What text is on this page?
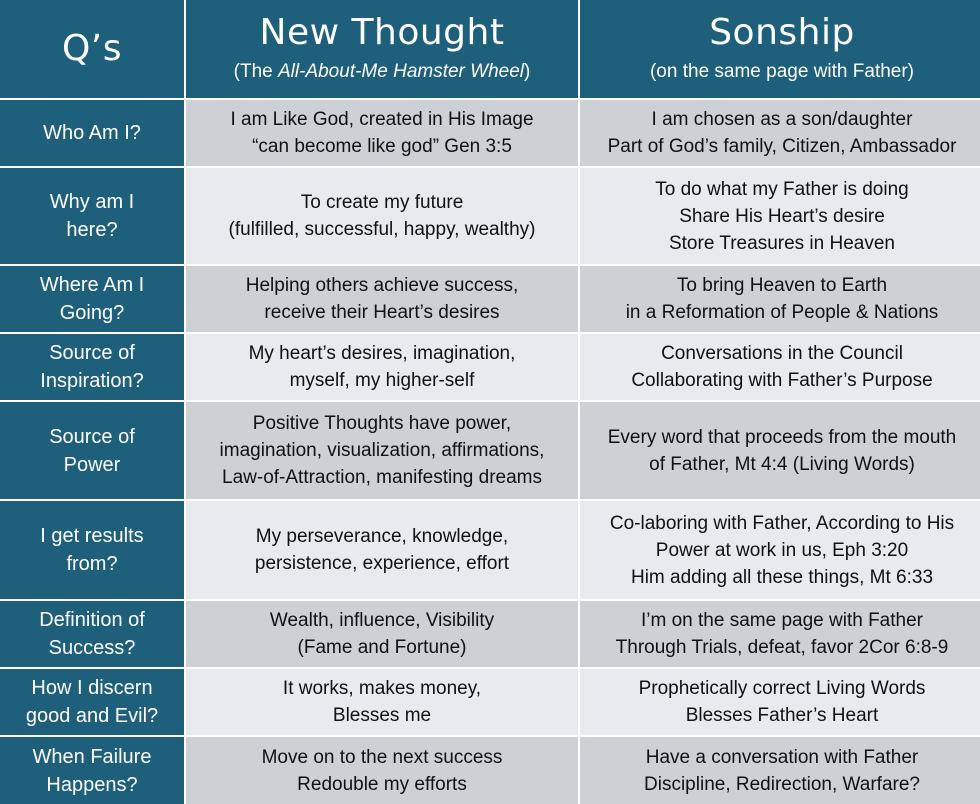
Q’s	New Thought
(The All-About-Me Hamster Wheel)
Sonship
(on the same page with Father)
Who Am I?
I am Like God, created in His Image
“can become like god” Gen 3:5
I am chosen as a son/daughter
Part of God’s family, Citizen, Ambassador
Why am I
here?
To create my future
(fulfilled, successful, happy, wealthy)
To do what my Father is doing
Share His Heart’s desire
Store Treasures in Heaven
Where Am I
Going?
Helping others achieve success,
receive their Heart’s desires
To bring Heaven to Earth
in a Reformation of People & Nations
Source of
Inspiration?
My heart’s desires, imagination,
myself, my higher-self
Conversations in the Council
Collaborating with Father’s Purpose
Source of
Power
Positive Thoughts have power,
imagination, visualization, affirmations,
Law-of-Attraction, manifesting dreams
Every word that proceeds from the mouth
of Father, Mt 4:4 (Living Words)
I get results
from?
My perseverance, knowledge,
persistence, experience, effort
Co-laboring with Father, According to His
Power at work in us, Eph 3:20
Him adding all these things, Mt 6:33
Definition of
Success?
Wealth, influence, Visibility
(Fame and Fortune)
I’m on the same page with Father
Through Trials, defeat, favor 2Cor 6:8-9
How I discern
good and Evil?
It works, makes money,
Blesses me
Prophetically correct Living Words
Blesses Father’s Heart
When Failure
Happens?
Move on to the next success
Redouble my efforts
Have a conversation with Father
Discipline, Redirection, Warfare?
